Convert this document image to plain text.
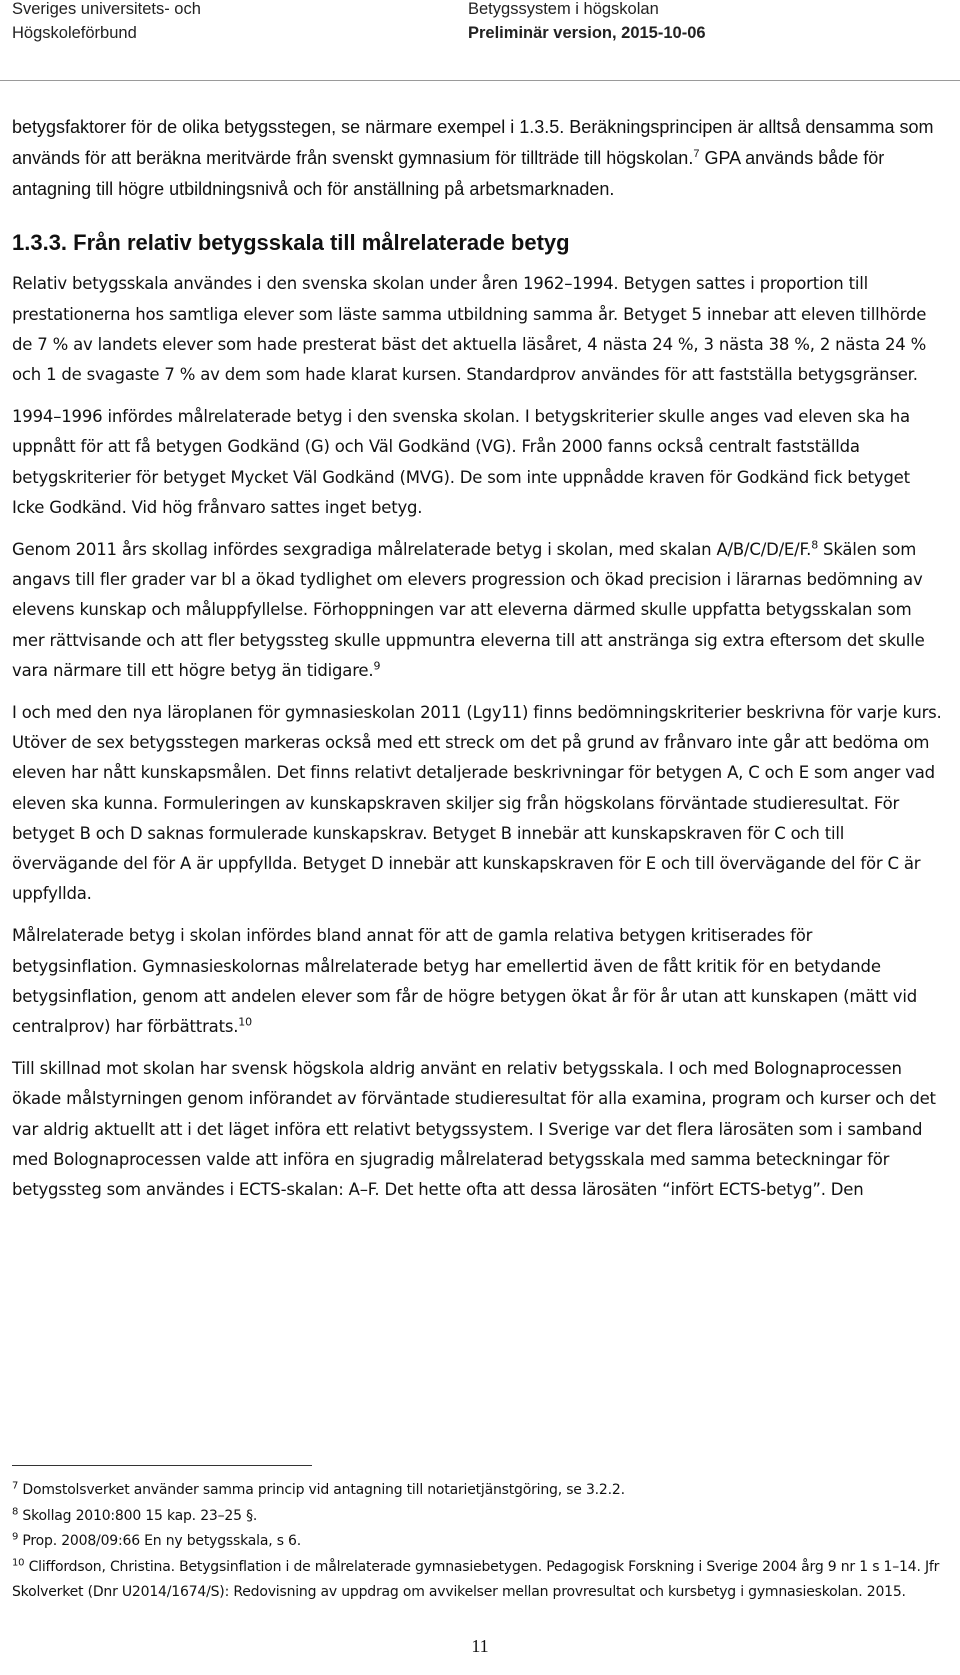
Sveriges universitets- och
Högskoleförbund
Betygssystem i högskolan
Preliminär version, 2015-10-06

betygsfaktorer för de olika betygsstegen, se närmare exempel i 1.3.5. Beräkningsprincipen är alltså densamma som används för att beräkna meritvärde från svenskt gymnasium för tillträde till högskolan.$^7$ GPA används både för antagning till högre utbildningsnivå och för anställning på arbetsmarknaden.

1.3.3. Från relativ betygsskala till målrelaterade betyg

Relativ betygsskala användes i den svenska skolan under åren 1962–1994. Betygen sattes i proportion till prestationerna hos samtliga elever som läste samma utbildning samma år. Betyget 5 innebar att eleven tillhörde de 7 % av landets elever som hade presterat bäst det aktuella läsåret, 4 nästa 24 %, 3 nästa 38 %, 2 nästa 24 % och 1 de svagaste 7 % av dem som hade klarat kursen. Standardprov användes för att fastställa betygsgränser.

1994–1996 infördes målrelaterade betyg i den svenska skolan. I betygskriterier skulle anges vad eleven ska ha uppnått för att få betygen Godkänd (G) och Väl Godkänd (VG). Från 2000 fanns också centralt fastställda betygskriterier för betyget Mycket Väl Godkänd (MVG). De som inte uppnådde kraven för Godkänd fick betyget Icke Godkänd. Vid hög frånvaro sattes inget betyg.

Genom 2011 års skollag infördes sexgradiga målrelaterade betyg i skolan, med skalan A/B/C/D/E/F.$^8$ Skälen som angavs till fler grader var bl a ökad tydlighet om elevers progression och ökad precision i lärarnas bedömning av elevens kunskap och måluppfyllelse. Förhoppningen var att eleverna därmed skulle uppfatta betygsskalan som mer rättvisande och att fler betygssteg skulle uppmuntra eleverna till att anstränga sig extra eftersom det skulle vara närmare till ett högre betyg än tidigare.$^9$

I och med den nya läroplanen för gymnasieskolan 2011 (Lgy11) finns bedömningskriterier beskrivna för varje kurs. Utöver de sex betygsstegen markeras också med ett streck om det på grund av frånvaro inte går att bedöma om eleven har nått kunskapsmålen. Det finns relativt detaljerade beskrivningar för betygen A, C och E som anger vad eleven ska kunna. Formuleringen av kunskapskraven skiljer sig från högskolans förväntade studieresultat. För betyget B och D saknas formulerade kunskapskrav. Betyget B innebär att kunskapskraven för C och till övervägande del för A är uppfyllda. Betyget D innebär att kunskapskraven för E och till övervägande del för C är uppfyllda.

Målrelaterade betyg i skolan infördes bland annat för att de gamla relativa betygen kritiserades för betygsinflation. Gymnasieskolornas målrelaterade betyg har emellertid även de fått kritik för en betydande betygsinflation, genom att andelen elever som får de högre betygen ökat år för år utan att kunskapen (mätt vid centralprov) har förbättrats.$^{10}$

Till skillnad mot skolan har svensk högskola aldrig använt en relativ betygsskala. I och med Bolognaprocessen ökade målstyrningen genom införandet av förväntade studieresultat för alla examina, program och kurser och det var aldrig aktuellt att i det läget införa ett relativt betygssystem. I Sverige var det flera lärosäten som i samband med Bolognaprocessen valde att införa en sjugradig målrelaterad betygsskala med samma beteckningar för betygssteg som användes i ECTS-skalan: A–F. Det hette ofta att dessa lärosäten “infört ECTS-betyg”. Den

$^7$ Domstolsverket använder samma princip vid antagning till notarietjänstgöring, se 3.2.2.

$^8$ Skollag 2010:800 15 kap. 23–25 §.

$^9$ Prop. 2008/09:66 En ny betygsskala, s 6.

$^{10}$ Cliffordson, Christina. Betygsinflation i de målrelaterade gymnasiebetygen. Pedagogisk Forskning i Sverige 2004 årg 9 nr 1 s 1–14. Jfr Skolverket (Dnr U2014/1674/S): Redovisning av uppdrag om avvikelser mellan provresultat och kursbetyg i gymnasieskolan. 2015.

11
